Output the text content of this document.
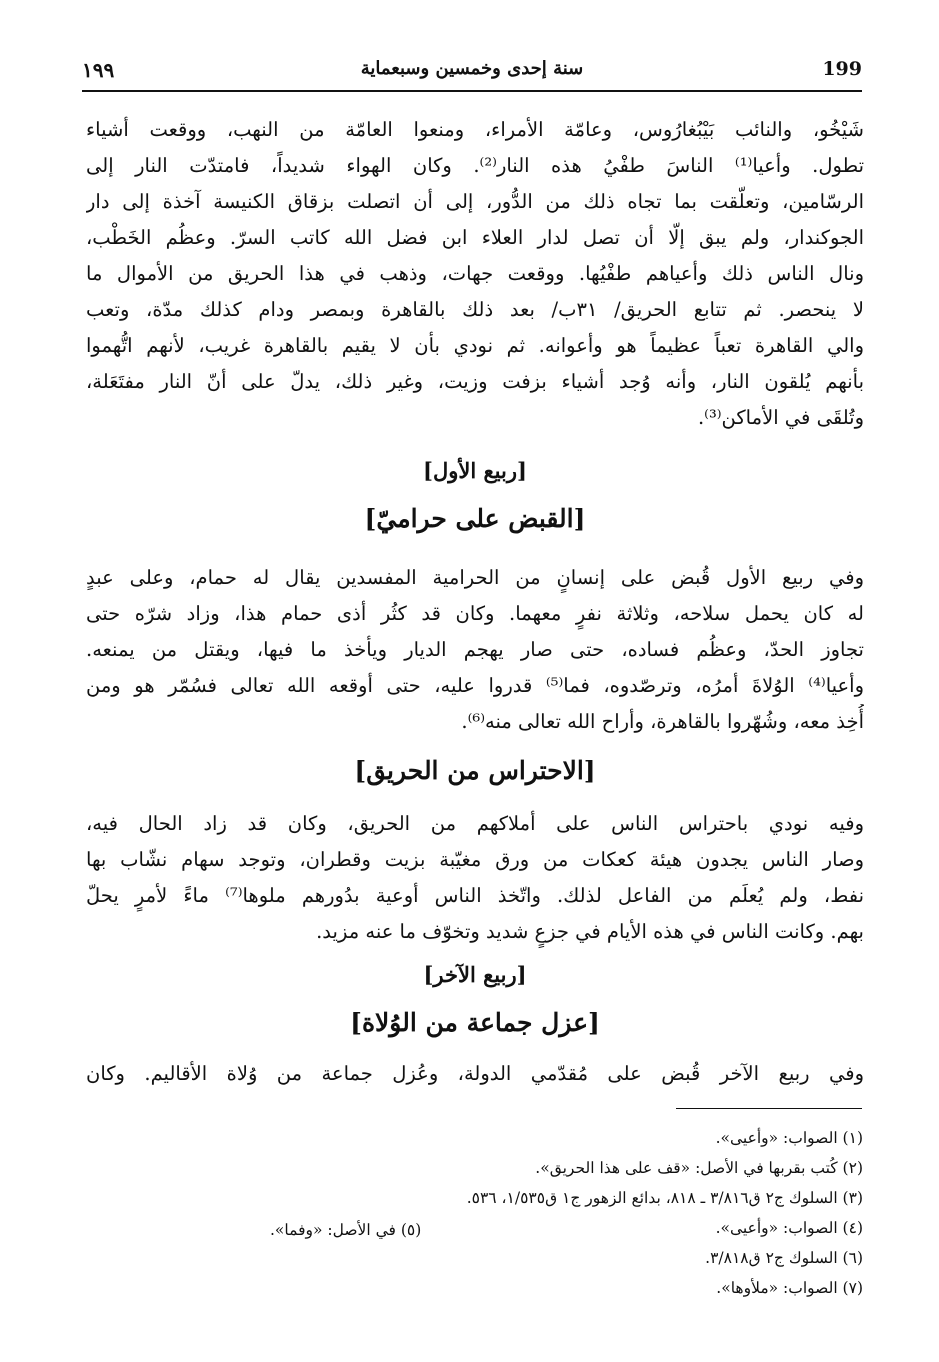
١٩٩	سنة إحدى وخمسين وسبعماية	199
شَيْخُو، والنائب بَيْبُغارُوس، وعامّة الأمراء، ومنعوا العامّة من النهب، ووقعت أشياء
تطول. وأعيا⁽¹⁾ الناسَ طفْيُ هذه النار⁽²⁾. وكان الهواء شديداً، فامتدّت النار إلى
الرسّامين، وتعلّقت بما تجاه ذلك من الدُّور، إلى أن اتصلت بزقاق الكنيسة آخذة إلى دار
الجوكندار، ولم يبق إلّا أن تصل لدار العلاء ابن فضل الله كاتب السرّ. وعظُم الخَطْب،
ونال الناس ذلك وأعياهم طفْيُها. ووقعت جهات، وذهب في هذا الحريق من الأموال ما
لا ينحصر. ثم تتابع الحريق/ ٣١ب/ بعد ذلك بالقاهرة وبمصر ودام كذلك مدّة، وتعب
والي القاهرة تعباً عظيماً هو وأعوانه. ثم نودي بأن لا يقيم بالقاهرة غريب، لأنهم اتُّهموا
بأنهم يُلقون النار، وأنه وُجد أشياء بزفت وزيت، وغير ذلك، يدلّ على أنّ النار مفتَعَلة،
وتُلقَى في الأماكن⁽³⁾.
[ربيع الأول]
[القبض على حراميّ]
وفي ربيع الأول قُبض على إنسانٍ من الحرامية المفسدين يقال له حمام، وعلى عبدٍ
له كان يحمل سلاحه، وثلاثة نفرٍ معهما. وكان قد كثُر أذى حمام هذا، وزاد شرّه حتى
تجاوز الحدّ، وعظُم فساده، حتى صار يهجم الديار ويأخذ ما فيها، ويقتل من يمنعه.
وأعيا⁽⁴⁾ الوُلاةَ أمرُه، وترصّدوه، فما⁽⁵⁾ قدروا عليه، حتى أوقعه الله تعالى فسُمّر هو ومن
أُخِذ معه، وشُهّروا بالقاهرة، وأراح الله تعالى منه⁽⁶⁾.
[الاحتراس من الحريق]
وفيه نودي باحتراس الناس على أملاكهم من الحريق، وكان قد زاد الحال فيه،
وصار الناس يجدون هيئة كعكات من ورق مغيّبة بزيت وقطران، وتوجد سهام نشّاب بها
نفط، ولم يُعلَم من الفاعل لذلك. واتّخذ الناس أوعية بدُورهم ملوها⁽⁷⁾ ماءً لأمرٍ يحلّ
بهم. وكانت الناس في هذه الأيام في جزعٍ شديد وتخوّف ما عنه مزيد.
[ربيع الآخر]
[عزل جماعة من الوُلاة]
وفي ربيع الآخر قُبض على مُقدّمي الدولة، وعُزل جماعة من وُلاة الأقاليم. وكان
(١) الصواب: «وأعيى».
(٢) كُتب بقربها في الأصل: «قف على هذا الحريق».
(٣) السلوك ج٢ ق٣/٨١٦ ـ ٨١٨، بدائع الزهور ج١ ق١/٥٣٥، ٥٣٦.
(٤) الصواب: «وأعيى».
(٥) في الأصل: «وفما».
(٦) السلوك ج٢ ق٣/٨١٨.
(٧) الصواب: «ملأوها».
